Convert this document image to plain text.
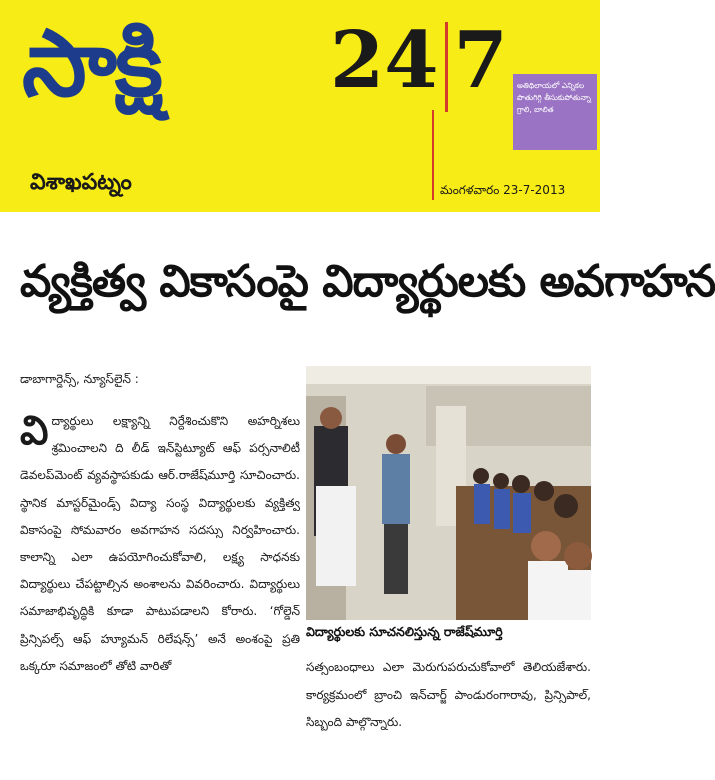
సాక్షి 24 7	అతిథిలాయలో ఎన్నికల పొతుగిగ్గి తీసుకుపోతున్నా గ్రాలి, బాలిత
విశాఖపట్నం	మంగళవారం 23-7-2013
వ్యక్తిత్వ వికాసంపై విద్యార్థులకు అవగాహన
డాబాగార్డెన్స్, న్యూస్‌లైన్ :
విద్యార్థులు లక్ష్యాన్ని నిర్దేశించుకొని అహర్నిశలు శ్రమించాలని ది లీడ్ ఇన్‌స్టిట్యూట్ ఆఫ్ పర్సనాలిటీ డెవలప్‌మెంట్ వ్యవస్థాపకుడు ఆర్.రాజేష్‌మూర్తి సూచించారు. స్థానిక మాస్టర్‌మైండ్స్ విద్యా సంస్థ విద్యార్థులకు వ్యక్తిత్వ వికాసంపై సోమవారం అవగాహన సదస్సు నిర్వహించారు. కాలాన్ని ఎలా ఉపయోగించుకోవాలి, లక్ష్య సాధనకు విద్యార్థులు చేపట్టాల్సిన అంశాలను వివరించారు. విద్యార్థులు సమాజాభివృద్ధికి కూడా పాటుపడాలని కోరారు. ‘గోల్డెన్ ప్రిన్సిపల్స్ ఆఫ్ హ్యూమన్ రిలేషన్స్’ అనే అంశంపై ప్రతి ఒక్కరూ సమాజంలో తోటి వారితో
విద్యార్థులకు సూచనలిస్తున్న రాజేష్‌మూర్తి
సత్సంబంధాలు ఎలా మెరుగుపరుచుకోవాలో తెలియజేశారు. కార్యక్రమంలో బ్రాంచి ఇన్‌చార్జ్ పాండురంగారావు, ప్రిన్సిపాల్, సిబ్బంది పాల్గొన్నారు.
